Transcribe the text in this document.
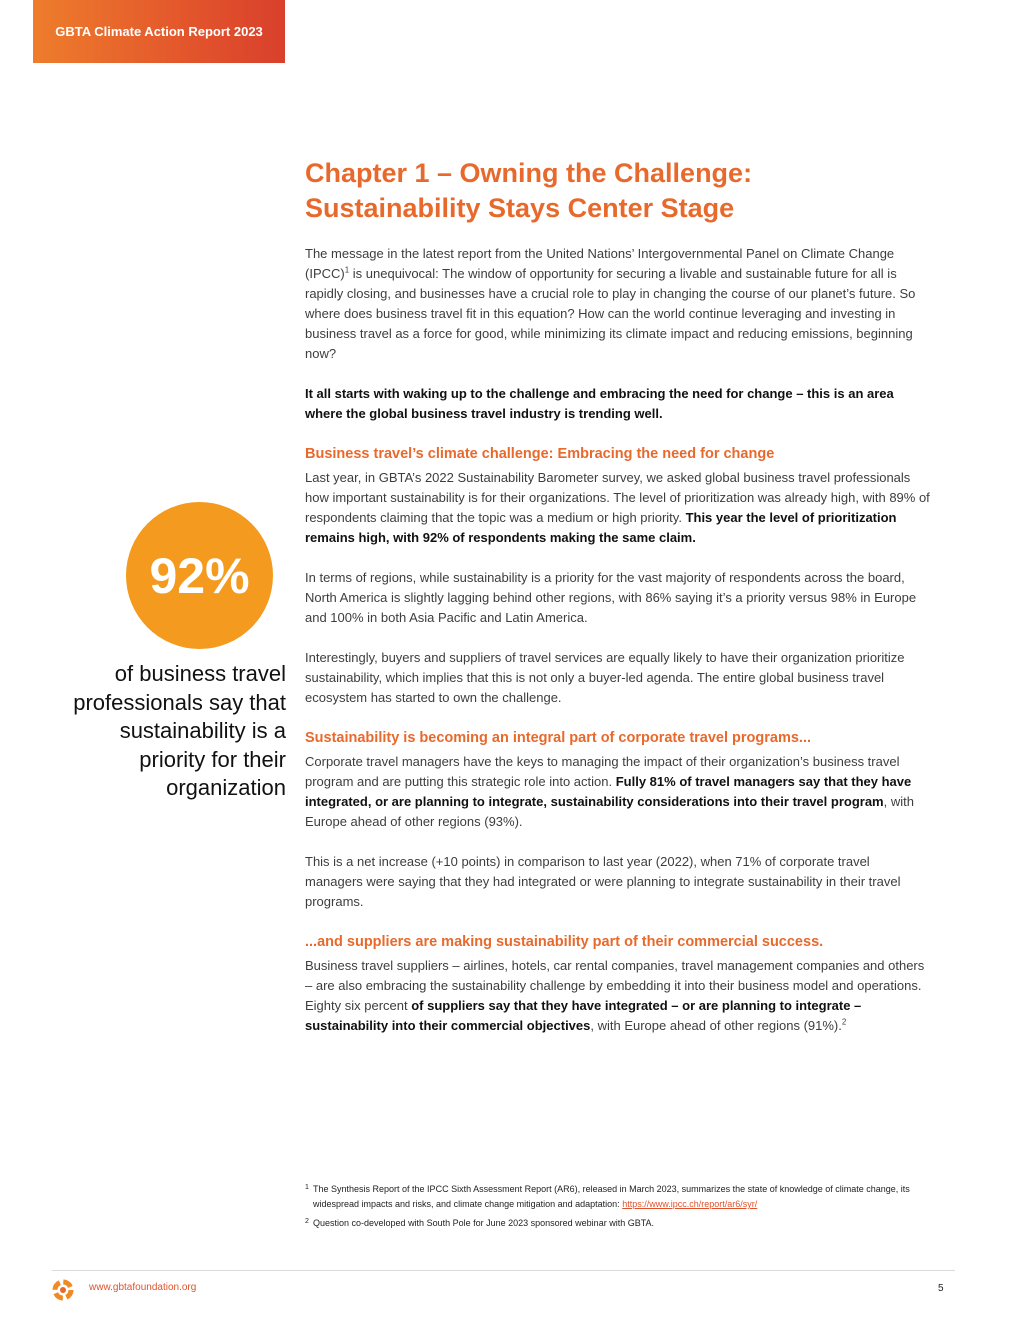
GBTA Climate Action Report 2023
Chapter 1 – Owning the Challenge:
Sustainability Stays Center Stage

The message in the latest report from the United Nations’ Intergovernmental Panel on Climate Change (IPCC)$^1$ is unequivocal: The window of opportunity for securing a livable and sustainable future for all is rapidly closing, and businesses have a crucial role to play in changing the course of our planet’s future. So where does business travel fit in this equation? How can the world continue leveraging and investing in business travel as a force for good, while minimizing its climate impact and reducing emissions, beginning now?

It all starts with waking up to the challenge and embracing the need for change – this is an area where the global business travel industry is trending well.

Business travel’s climate challenge: Embracing the need for change

Last year, in GBTA’s 2022 Sustainability Barometer survey, we asked global business travel professionals how important sustainability is for their organizations. The level of prioritization was already high, with 89% of respondents claiming that the topic was a medium or high priority. This year the level of prioritization remains high, with 92% of respondents making the same claim.

In terms of regions, while sustainability is a priority for the vast majority of respondents across the board, North America is slightly lagging behind other regions, with 86% saying it’s a priority versus 98% in Europe and 100% in both Asia Pacific and Latin America.

Interestingly, buyers and suppliers of travel services are equally likely to have their organization prioritize sustainability, which implies that this is not only a buyer-led agenda. The entire global business travel ecosystem has started to own the challenge.

Sustainability is becoming an integral part of corporate travel programs...

Corporate travel managers have the keys to managing the impact of their organization’s business travel program and are putting this strategic role into action. Fully 81% of travel managers say that they have integrated, or are planning to integrate, sustainability considerations into their travel program, with Europe ahead of other regions (93%).

This is a net increase (+10 points) in comparison to last year (2022), when 71% of corporate travel managers were saying that they had integrated or were planning to integrate sustainability in their travel programs.

...and suppliers are making sustainability part of their commercial success.

Business travel suppliers – airlines, hotels, car rental companies, travel management companies and others – are also embracing the sustainability challenge by embedding it into their business model and operations. Eighty six percent of suppliers say that they have integrated – or are planning to integrate – sustainability into their commercial objectives, with Europe ahead of other regions (91%).$^2$

92%

of business travel professionals say that sustainability is a priority for their organization

1 The Synthesis Report of the IPCC Sixth Assessment Report (AR6), released in March 2023, summarizes the state of knowledge of climate change, its widespread impacts and risks, and climate change mitigation and adaptation: https://www.ipcc.ch/report/ar6/syr/
2 Question co-developed with South Pole for June 2023 sponsored webinar with GBTA.
www.gbtafoundation.org	5
